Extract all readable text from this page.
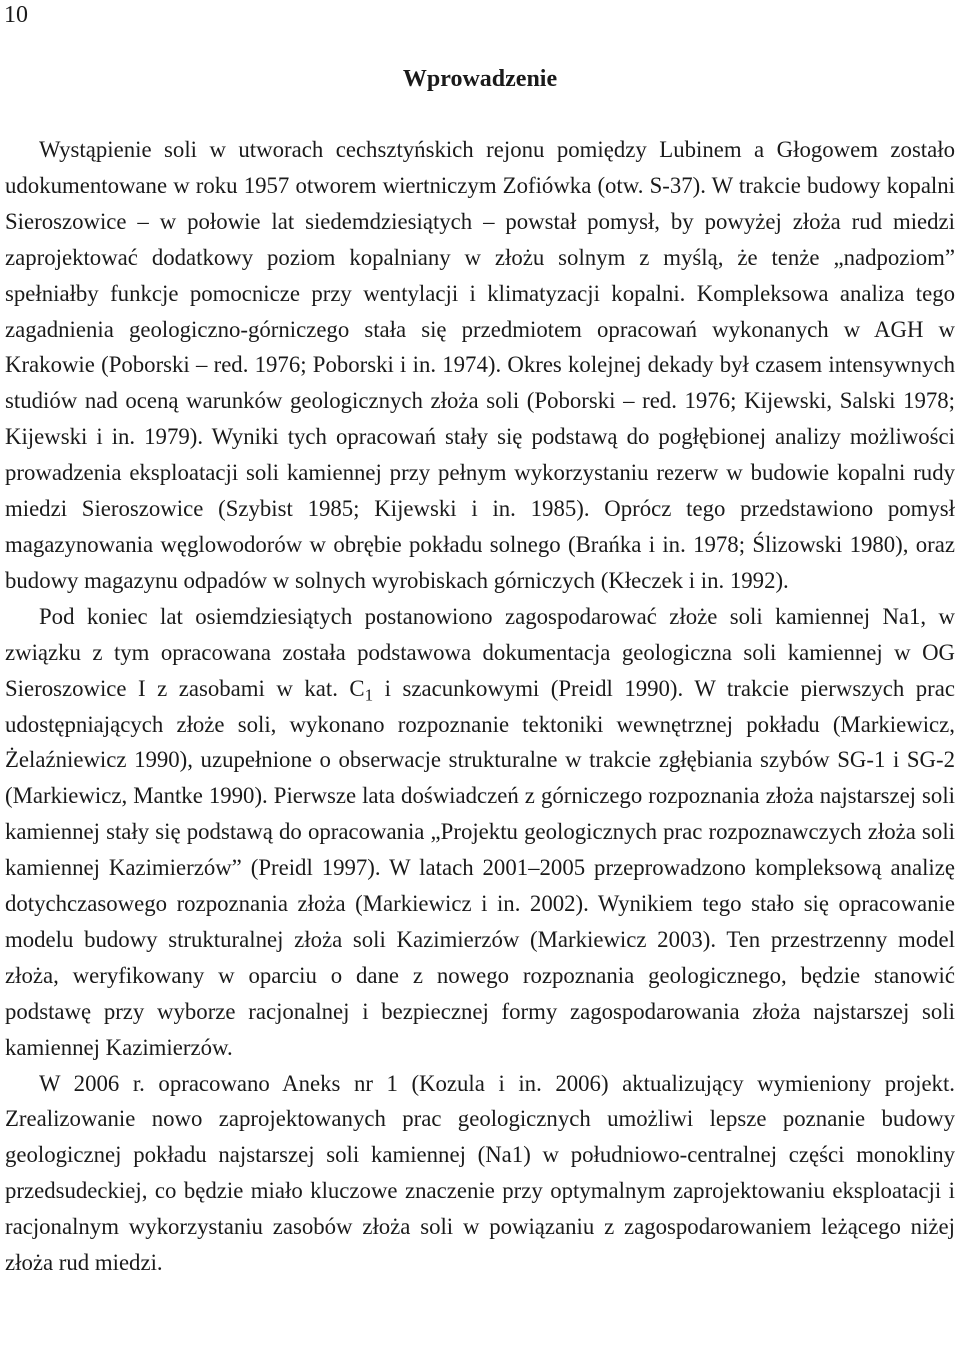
10
Wprowadzenie

Wystąpienie soli w utworach cechsztyńskich rejonu pomiędzy Lubinem a Głogowem zostało udokumentowane w roku 1957 otworem wiertniczym Zofiówka (otw. S-37). W trakcie budowy kopalni Sieroszowice – w połowie lat siedemdziesiątych – powstał pomysł, by powyżej złoża rud miedzi zaprojektować dodatkowy poziom kopalniany w złożu solnym z myślą, że tenże „nadpoziom” spełniałby funkcje pomocnicze przy wentylacji i klimatyzacji kopalni. Kompleksowa analiza tego zagadnienia geologiczno-górniczego stała się przedmiotem opracowań wykonanych w AGH w Krakowie (Poborski – red. 1976; Poborski i in. 1974). Okres kolejnej dekady był czasem intensywnych studiów nad oceną warunków geologicznych złoża soli (Poborski – red. 1976; Kijewski, Salski 1978; Kijewski i in. 1979). Wyniki tych opracowań stały się podstawą do pogłębionej analizy możliwości prowadzenia eksploatacji soli kamiennej przy pełnym wykorzystaniu rezerw w budowie kopalni rudy miedzi Sieroszowice (Szybist 1985; Kijewski i in. 1985). Oprócz tego przedstawiono pomysł magazynowania węglowodorów w obrębie pokładu solnego (Brańka i in. 1978; Ślizowski 1980), oraz budowy magazynu odpadów w solnych wyrobiskach górniczych (Kłeczek i in. 1992).

Pod koniec lat osiemdziesiątych postanowiono zagospodarować złoże soli kamiennej Na1, w związku z tym opracowana została podstawowa dokumentacja geologiczna soli kamiennej w OG Sieroszowice I z zasobami w kat. $C_1$ i szacunkowymi (Preidl 1990). W trakcie pierwszych prac udostępniających złoże soli, wykonano rozpoznanie tektoniki wewnętrznej pokładu (Markiewicz, Żelaźniewicz 1990), uzupełnione o obserwacje strukturalne w trakcie zgłębiania szybów SG-1 i SG-2 (Markiewicz, Mantke 1990). Pierwsze lata doświadczeń z górniczego rozpoznania złoża najstarszej soli kamiennej stały się podstawą do opracowania „Projektu geologicznych prac rozpoznawczych złoża soli kamiennej Kazimierzów” (Preidl 1997). W latach 2001–2005 przeprowadzono kompleksową analizę dotychczasowego rozpoznania złoża (Markiewicz i in. 2002). Wynikiem tego stało się opracowanie modelu budowy strukturalnej złoża soli Kazimierzów (Markiewicz 2003). Ten przestrzenny model złoża, weryfikowany w oparciu o dane z nowego rozpoznania geologicznego, będzie stanowić podstawę przy wyborze racjonalnej i bezpiecznej formy zagospodarowania złoża najstarszej soli kamiennej Kazimierzów.

W 2006 r. opracowano Aneks nr 1 (Kozula i in. 2006) aktualizujący wymieniony projekt. Zrealizowanie nowo zaprojektowanych prac geologicznych umożliwi lepsze poznanie budowy geologicznej pokładu najstarszej soli kamiennej (Na1) w południowo-centralnej części monokliny przedsudeckiej, co będzie miało kluczowe znaczenie przy optymalnym zaprojektowaniu eksploatacji i racjonalnym wykorzystaniu zasobów złoża soli w powiązaniu z zagospodarowaniem leżącego niżej złoża rud miedzi.
